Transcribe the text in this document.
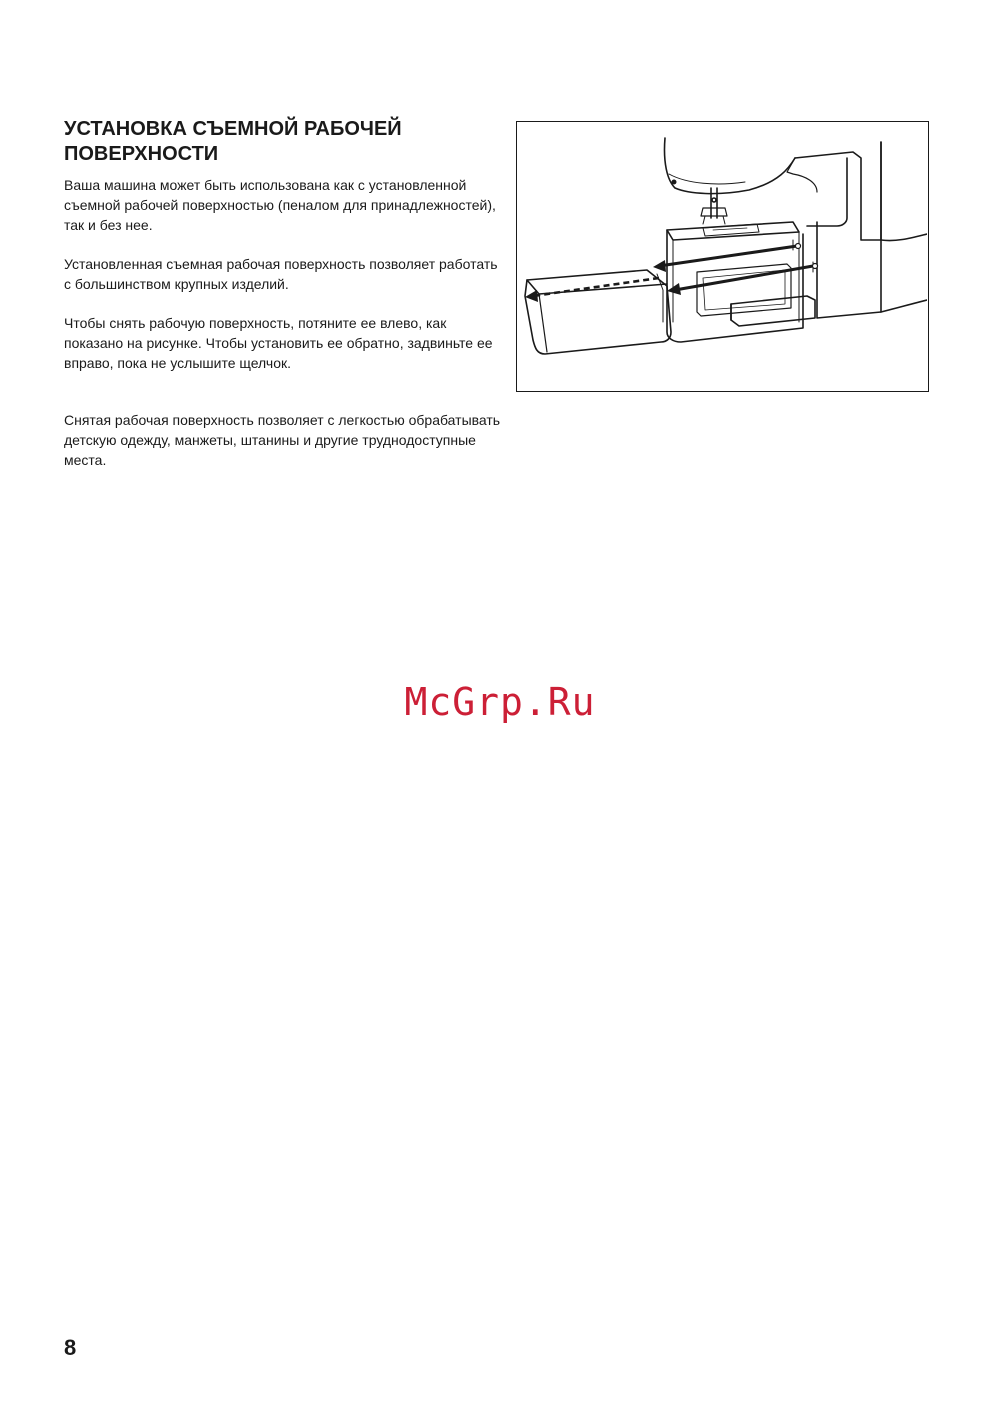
УСТАНОВКА СЪЕМНОЙ РАБОЧЕЙ ПОВЕРХНОСТИ

Ваша машина может быть использована как с установленной съемной рабочей поверхностью (пеналом для принадлежностей), так и без нее.

Установленная съемная рабочая поверхность позволяет работать с большинством крупных изделий.

Чтобы снять рабочую поверхность, потяните ее влево, как показано на рисунке. Чтобы установить ее обратно, задвиньте ее вправо, пока не услышите щелчок.

Снятая рабочая поверхность позволяет с легкостью обрабатывать детскую одежду, манжеты, штанины и другие труднодоступные места.

McGrp.Ru
8
